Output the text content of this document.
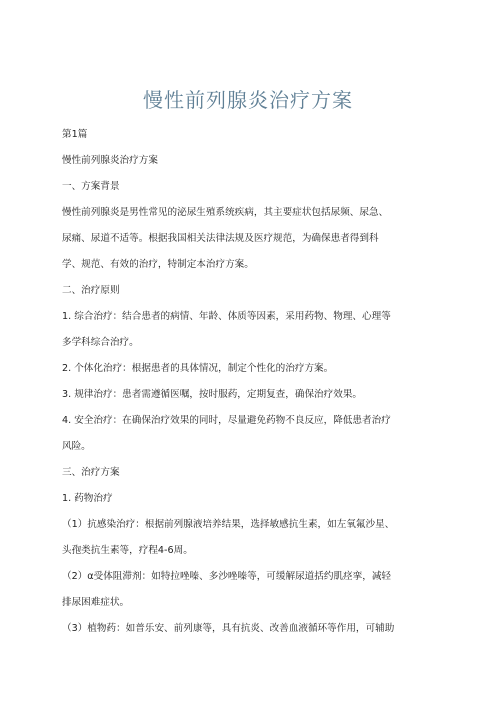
慢性前列腺炎治疗方案
第1篇
慢性前列腺炎治疗方案
一、方案背景
慢性前列腺炎是男性常见的泌尿生殖系统疾病，其主要症状包括尿频、尿急、
尿痛、尿道不适等。根据我国相关法律法规及医疗规范，为确保患者得到科
学、规范、有效的治疗，特制定本治疗方案。
二、治疗原则
1. 综合治疗：结合患者的病情、年龄、体质等因素，采用药物、物理、心理等
多学科综合治疗。
2. 个体化治疗：根据患者的具体情况，制定个性化的治疗方案。
3. 规律治疗：患者需遵循医嘱，按时服药，定期复查，确保治疗效果。
4. 安全治疗：在确保治疗效果的同时，尽量避免药物不良反应，降低患者治疗
风险。
三、治疗方案
1. 药物治疗
（1）抗感染治疗：根据前列腺液培养结果，选择敏感抗生素，如左氧氟沙星、
头孢类抗生素等，疗程4-6周。
（2）α受体阻滞剂：如特拉唑嗪、多沙唑嗪等，可缓解尿道括约肌痉挛，减轻
排尿困难症状。
（3）植物药：如普乐安、前列康等，具有抗炎、改善血液循环等作用，可辅助
